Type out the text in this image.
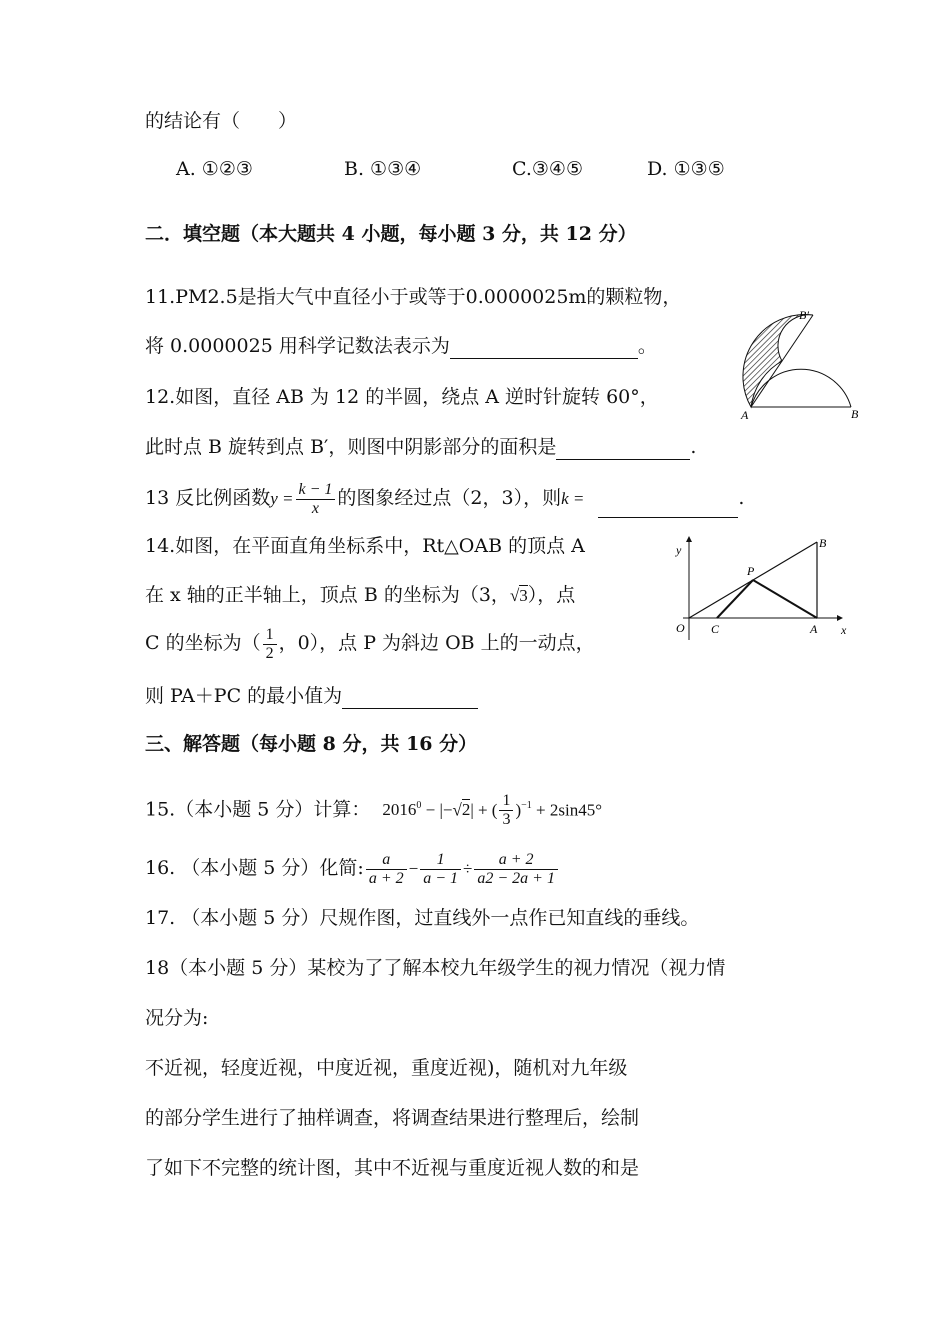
的结论有（　　）
A. ①②③	B. ①③④	C.③④⑤	D. ①③⑤
二．填空题（本大题共 4 小题，每小题 3 分，共 12 分）
11.PM2.5是指大气中直径小于或等于0.0000025m的颗粒物，
将 0.0000025 用科学记数法表示为	。
12.如图，直径 AB 为 12 的半圆，绕点 A 逆时针旋转 60°，
此时点 B 旋转到点 B′，则图中阴影部分的面积是	.
A	B
B′
13 反比例函数$y = \frac{k - 1}{x}$ 的图象经过点（2，3），则k =	.
14.如图，在平面直角坐标系中，Rt△OAB 的顶点 A
在 x 轴的正半轴上，顶点 B 的坐标为（3，√3），点
C 的坐标为（ $\frac{1}{2}$ ，0），点 P 为斜边 OB 上的一动点，
则 PA＋PC 的最小值为
O C	A
B
P
x
y
三、解答题（每小题 8 分，共 16 分）
15.（本小题 5 分）计算： $2016^0 - |-√2|$ + ( $\frac{1}{3} )^{-1} + 2\sin 45^\circ$
16. （本小题 5 分）化简: $\frac{a}{a + 2} - \frac{1}{a - 1} \div \frac{a + 2}{a2 - 2a + 1}$
17. （本小题 5 分）尺规作图，过直线外一点作已知直线的垂线。
18（本小题 5 分）某校为了了解本校九年级学生的视力情况（视力情
况分为:
不近视，轻度近视，中度近视，重度近视)，随机对九年级
的部分学生进行了抽样调查，将调查结果进行整理后，绘制
了如下不完整的统计图，其中不近视与重度近视人数的和是
